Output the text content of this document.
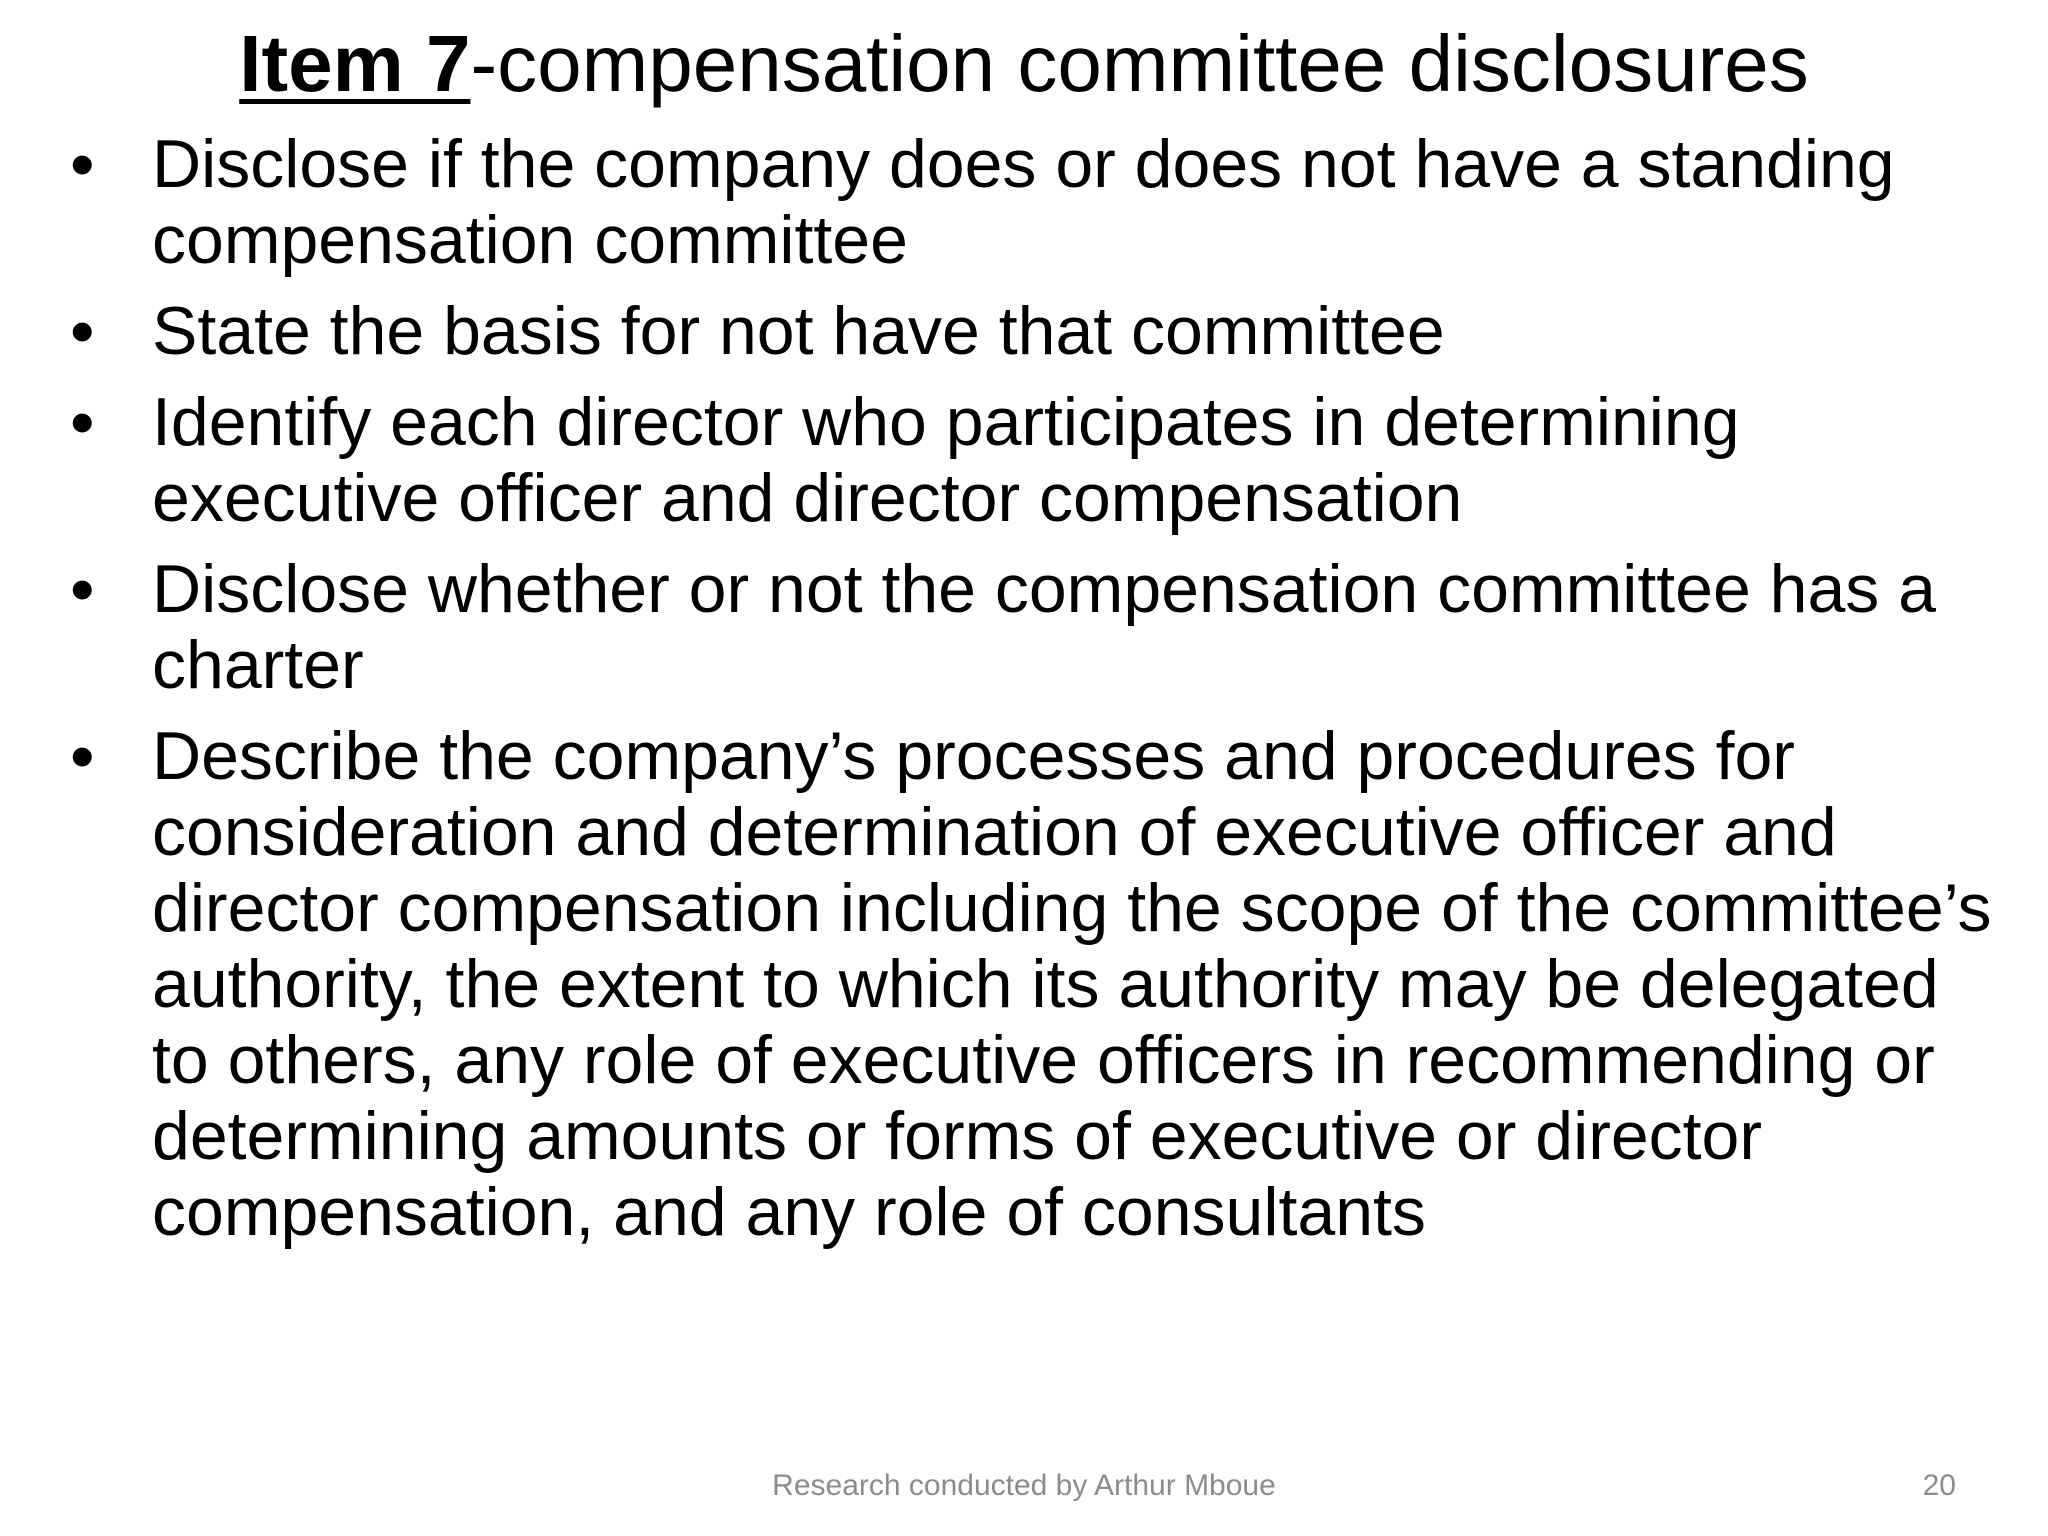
Item 7-compensation committee disclosures
• Disclose if the company does or does not have a standing compensation committee
• State the basis for not have that committee
• Identify each director who participates in determining executive officer and director compensation
• Disclose whether or not the compensation committee has a charter
• Describe the company’s processes and procedures for consideration and determination of executive officer and director compensation including the scope of the committee’s authority, the extent to which its authority may be delegated to others, any role of executive officers in recommending or determining amounts or forms of executive or director compensation, and any role of consultants
Research conducted by Arthur Mboue	20
